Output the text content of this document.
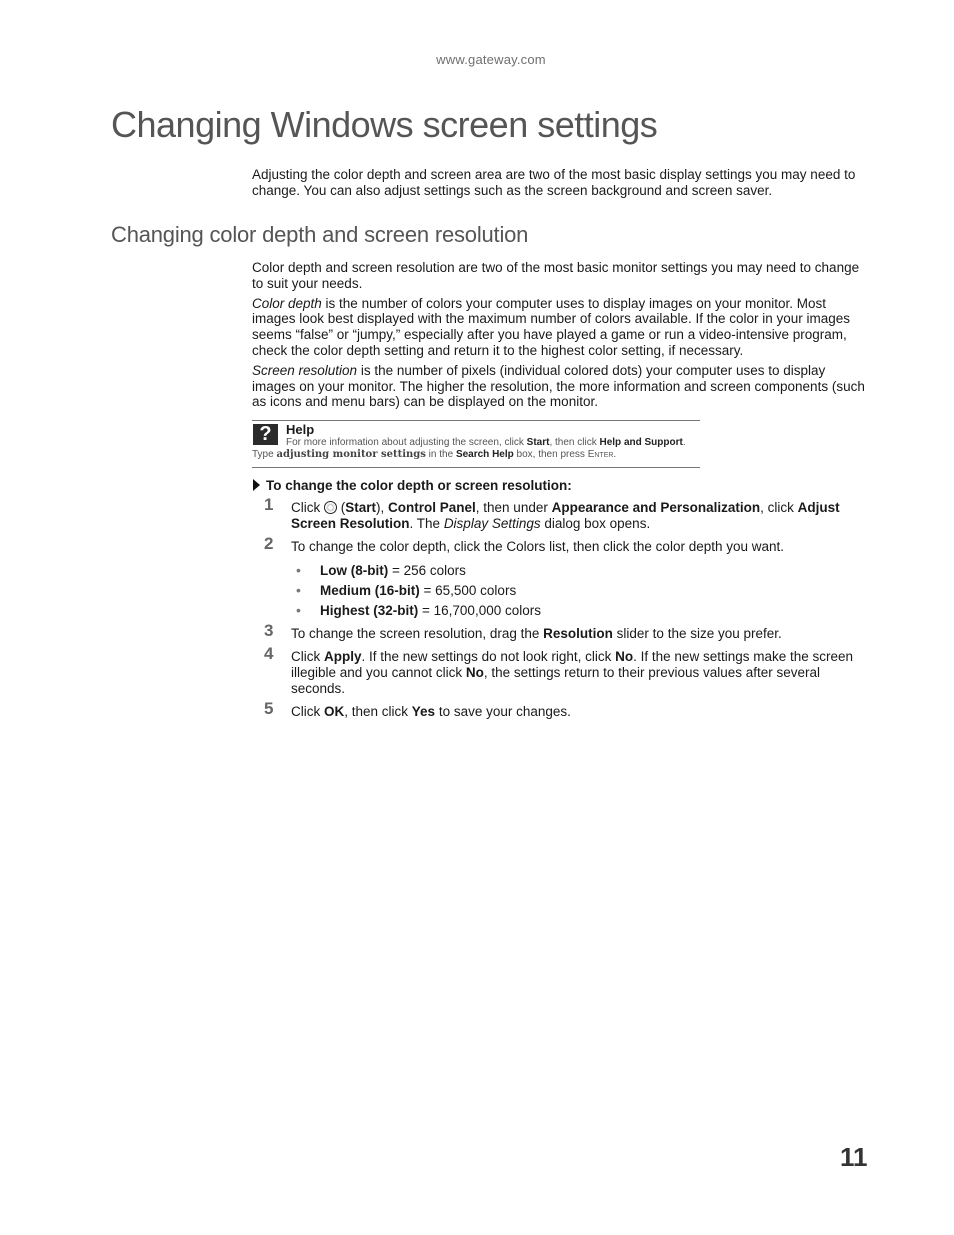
www.gateway.com
Changing Windows screen settings

Adjusting the color depth and screen area are two of the most basic display settings you may need to change. You can also adjust settings such as the screen background and screen saver.

Changing color depth and screen resolution

Color depth and screen resolution are two of the most basic monitor settings you may need to change to suit your needs.

Color depth is the number of colors your computer uses to display images on your monitor. Most images look best displayed with the maximum number of colors available. If the color in your images seems “false” or “jumpy,” especially after you have played a game or run a video-intensive program, check the color depth setting and return it to the highest color setting, if necessary.

Screen resolution is the number of pixels (individual colored dots) your computer uses to display images on your monitor. The higher the resolution, the more information and screen components (such as icons and menu bars) can be displayed on the monitor.

?	Help
For more information about adjusting the screen, click Start, then click Help and Support. Type adjusting monitor settings in the Search Help box, then press Enter.
To change the color depth or screen resolution:
1 Click  (Start), Control Panel, then under Appearance and Personalization, click Adjust Screen Resolution. The Display Settings dialog box opens.
2 To change the color depth, click the Colors list, then click the color depth you want.
• Low (8-bit) = 256 colors
• Medium (16-bit) = 65,500 colors
• Highest (32-bit) = 16,700,000 colors
3 To change the screen resolution, drag the Resolution slider to the size you prefer.
4 Click Apply. If the new settings do not look right, click No. If the new settings make the screen illegible and you cannot click No, the settings return to their previous values after several seconds.
5 Click OK, then click Yes to save your changes.
11
